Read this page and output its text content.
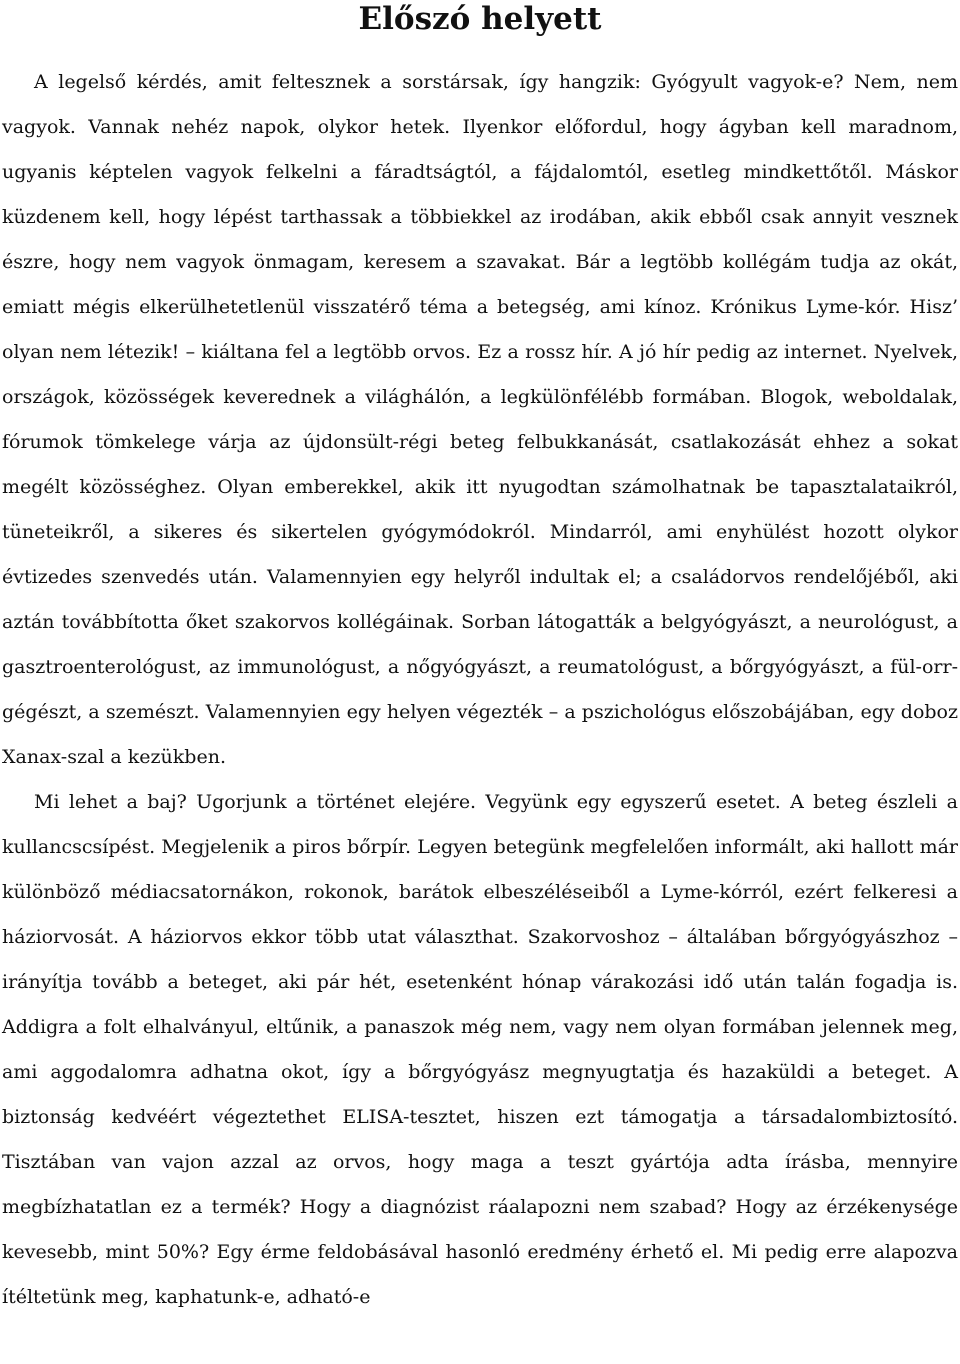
Előszó helyett

A legelső kérdés, amit feltesznek a sorstársak, így hangzik: Gyógyult vagyok-e? Nem, nem vagyok. Vannak nehéz napok, olykor hetek. Ilyenkor előfordul, hogy ágyban kell maradnom, ugyanis képtelen vagyok felkelni a fáradtságtól, a fájdalomtól, esetleg mindkettőtől. Máskor küzdenem kell, hogy lépést tarthassak a többiekkel az irodában, akik ebből csak annyit vesznek észre, hogy nem vagyok önmagam, keresem a szavakat. Bár a legtöbb kollégám tudja az okát, emiatt mégis elkerülhetetlenül visszatérő téma a betegség, ami kínoz. Krónikus Lyme-kór. Hisz’ olyan nem létezik! – kiáltana fel a legtöbb orvos. Ez a rossz hír. A jó hír pedig az internet. Nyelvek, országok, közösségek keverednek a világhálón, a legkülönfélébb formában. Blogok, weboldalak, fórumok tömkelege várja az újdonsült-régi beteg felbukkanását, csatlakozását ehhez a sokat megélt közösséghez. Olyan emberekkel, akik itt nyugodtan számolhatnak be tapasztalataikról, tüneteikről, a sikeres és sikertelen gyógymódokról. Mindarról, ami enyhülést hozott olykor évtizedes szenvedés után. Valamennyien egy helyről indultak el; a családorvos rendelőjéből, aki aztán továbbította őket szakorvos kollégáinak. Sorban látogatták a belgyógyászt, a neurológust, a gasztroenterológust, az immunológust, a nőgyógyászt, a reumatológust, a bőrgyógyászt, a fül-orr-gégészt, a szemészt. Valamennyien egy helyen végezték – a pszichológus előszobájában, egy doboz Xanax-szal a kezükben.

Mi lehet a baj? Ugorjunk a történet elejére. Vegyünk egy egyszerű esetet. A beteg észleli a kullancscsípést. Megjelenik a piros bőrpír. Legyen betegünk megfelelően informált, aki hallott már különböző médiacsatornákon, rokonok, barátok elbeszéléseiből a Lyme-kórról, ezért felkeresi a háziorvosát. A háziorvos ekkor több utat választhat. Szakorvoshoz – általában bőrgyógyászhoz – irányítja tovább a beteget, aki pár hét, esetenként hónap várakozási idő után talán fogadja is. Addigra a folt elhalványul, eltűnik, a panaszok még nem, vagy nem olyan formában jelennek meg, ami aggodalomra adhatna okot, így a bőrgyógyász megnyugtatja és hazaküldi a beteget. A biztonság kedvéért végeztethet ELISA-tesztet, hiszen ezt támogatja a társadalombiztosító. Tisztában van vajon azzal az orvos, hogy maga a teszt gyártója adta írásba, mennyire megbízhatatlan ez a termék? Hogy a diagnózist ráalapozni nem szabad? Hogy az érzékenysége kevesebb, mint 50%? Egy érme feldobásával hasonló eredmény érhető el. Mi pedig erre alapozva ítéltetünk meg, kaphatunk-e, adható-e
